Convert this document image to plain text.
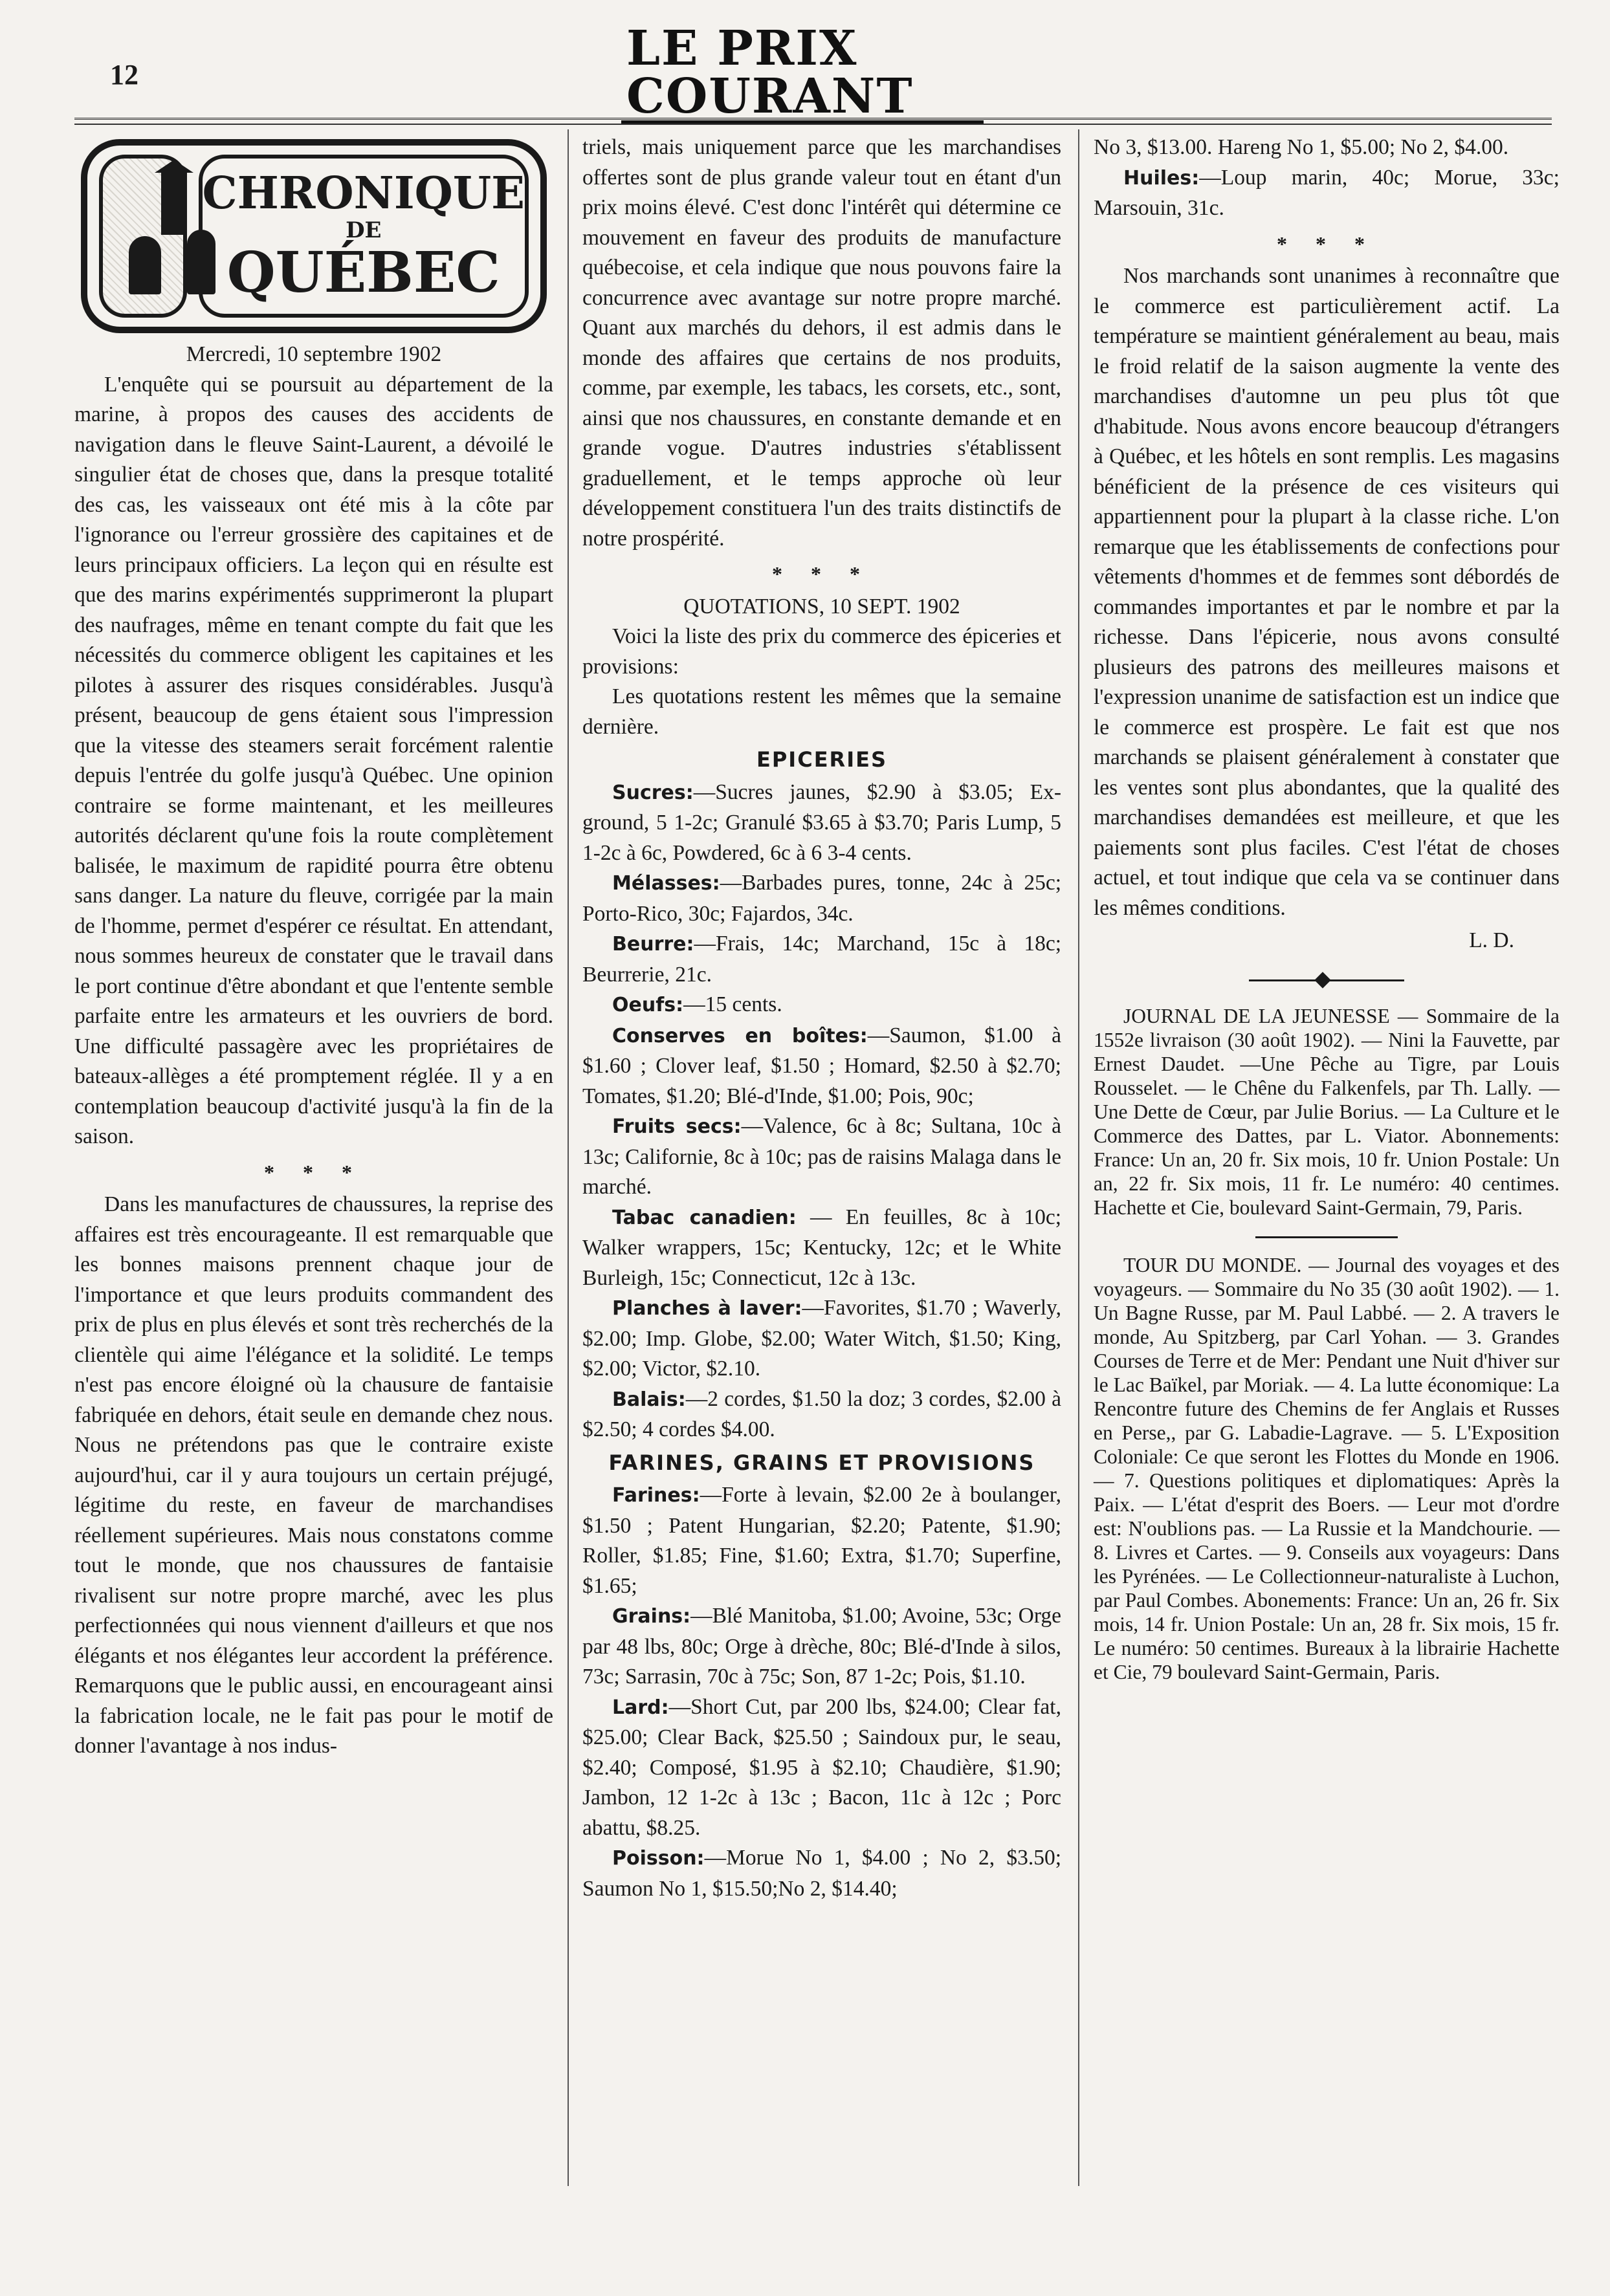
12	LE PRIX COURANT
CHRONIQUE
DE
QUÉBEC

Mercredi, 10 septembre 1902

L'enquête qui se poursuit au département de la marine, à propos des causes des accidents de navigation dans le fleuve Saint-Laurent, a dévoilé le singulier état de choses que, dans la presque totalité des cas, les vaisseaux ont été mis à la côte par l'ignorance ou l'erreur grossière des capitaines et de leurs principaux officiers. La leçon qui en résulte est que des marins expérimentés supprimeront la plupart des naufrages, même en tenant compte du fait que les nécessités du commerce obligent les capitaines et les pilotes à assurer des risques considérables. Jusqu'à présent, beaucoup de gens étaient sous l'impression que la vitesse des steamers serait forcément ralentie depuis l'entrée du golfe jusqu'à Québec. Une opinion contraire se forme maintenant, et les meilleures autorités déclarent qu'une fois la route complètement balisée, le maximum de rapidité pourra être obtenu sans danger. La nature du fleuve, corrigée par la main de l'homme, permet d'espérer ce résultat. En attendant, nous sommes heureux de constater que le travail dans le port continue d'être abondant et que l'entente semble parfaite entre les armateurs et les ouvriers de bord. Une difficulté passagère avec les propriétaires de bateaux-allèges a été promptement réglée. Il y a en contemplation beaucoup d'activité jusqu'à la fin de la saison.

* * *

Dans les manufactures de chaussures, la reprise des affaires est très encourageante. Il est remarquable que les bonnes maisons prennent chaque jour de l'importance et que leurs produits commandent des prix de plus en plus élevés et sont très recherchés de la clientèle qui aime l'élégance et la solidité. Le temps n'est pas encore éloigné où la chausure de fantaisie fabriquée en dehors, était seule en demande chez nous. Nous ne prétendons pas que le contraire existe aujourd'hui, car il y aura toujours un certain préjugé, légitime du reste, en faveur de marchandises réellement supérieures. Mais nous constatons comme tout le monde, que nos chaussures de fantaisie rivalisent sur notre propre marché, avec les plus perfectionnées qui nous viennent d'ailleurs et que nos élégants et nos élégantes leur accordent la préférence. Remarquons que le public aussi, en encourageant ainsi la fabrication locale, ne le fait pas pour le motif de donner l'avantage à nos indus-

triels, mais uniquement parce que les marchandises offertes sont de plus grande valeur tout en étant d'un prix moins élevé. C'est donc l'intérêt qui détermine ce mouvement en faveur des produits de manufacture québecoise, et cela indique que nous pouvons faire la concurrence avec avantage sur notre propre marché. Quant aux marchés du dehors, il est admis dans le monde des affaires que certains de nos produits, comme, par exemple, les tabacs, les corsets, etc., sont, ainsi que nos chaussures, en constante demande et en grande vogue. D'autres industries s'établissent graduellement, et le temps approche où leur développement constituera l'un des traits distinctifs de notre prospérité.

* * *

QUOTATIONS, 10 SEPT. 1902

Voici la liste des prix du commerce des épiceries et provisions:

Les quotations restent les mêmes que la semaine dernière.

EPICERIES

Sucres:—Sucres jaunes, $2.90 à $3.05; Ex-ground, 5 1-2c; Granulé $3.65 à $3.70; Paris Lump, 5 1-2c à 6c, Powdered, 6c à 6 3-4 cents.

Mélasses:—Barbades pures, tonne, 24c à 25c; Porto-Rico, 30c; Fajardos, 34c.

Beurre:—Frais, 14c; Marchand, 15c à 18c; Beurrerie, 21c.

Oeufs:—15 cents.

Conserves en boîtes:—Saumon, $1.00 à $1.60 ; Clover leaf, $1.50 ; Homard, $2.50 à $2.70; Tomates, $1.20; Blé-d'Inde, $1.00; Pois, 90c;

Fruits secs:—Valence, 6c à 8c; Sultana, 10c à 13c; Californie, 8c à 10c; pas de raisins Malaga dans le marché.

Tabac canadien: — En feuilles, 8c à 10c; Walker wrappers, 15c; Kentucky, 12c; et le White Burleigh, 15c; Connecticut, 12c à 13c.

Planches à laver:—Favorites, $1.70 ; Waverly, $2.00; Imp. Globe, $2.00; Water Witch, $1.50; King, $2.00; Victor, $2.10.

Balais:—2 cordes, $1.50 la doz; 3 cordes, $2.00 à $2.50; 4 cordes $4.00.

FARINES, GRAINS ET PROVISIONS

Farines:—Forte à levain, $2.00 2e à boulanger, $1.50 ; Patent Hungarian, $2.20; Patente, $1.90; Roller, $1.85; Fine, $1.60; Extra, $1.70; Superfine, $1.65;

Grains:—Blé Manitoba, $1.00; Avoine, 53c; Orge par 48 lbs, 80c; Orge à drèche, 80c; Blé-d'Inde à silos, 73c; Sarrasin, 70c à 75c; Son, 87 1-2c; Pois, $1.10.

Lard:—Short Cut, par 200 lbs, $24.00; Clear fat, $25.00; Clear Back, $25.50 ; Saindoux pur, le seau, $2.40; Composé, $1.95 à $2.10; Chaudière, $1.90; Jambon, 12 1-2c à 13c ; Bacon, 11c à 12c ; Porc abattu, $8.25.

Poisson:—Morue No 1, $4.00 ; No 2, $3.50; Saumon No 1, $15.50;No 2, $14.40;

No 3, $13.00. Hareng No 1, $5.00; No 2, $4.00.

Huiles:—Loup marin, 40c; Morue, 33c; Marsouin, 31c.

* * *

Nos marchands sont unanimes à reconnaître que le commerce est particulièrement actif. La température se maintient généralement au beau, mais le froid relatif de la saison augmente la vente des marchandises d'automne un peu plus tôt que d'habitude. Nous avons encore beaucoup d'étrangers à Québec, et les hôtels en sont remplis. Les magasins bénéficient de la présence de ces visiteurs qui appartiennent pour la plupart à la classe riche. L'on remarque que les établissements de confections pour vêtements d'hommes et de femmes sont débordés de commandes importantes et par le nombre et par la richesse. Dans l'épicerie, nous avons consulté plusieurs des patrons des meilleures maisons et l'expression unanime de satisfaction est un indice que le commerce est prospère. Le fait est que nos marchands se plaisent généralement à constater que les ventes sont plus abondantes, que la qualité des marchandises demandées est meilleure, et que les paiements sont plus faciles. C'est l'état de choses actuel, et tout indique que cela va se continuer dans les mêmes conditions.

L. D.

JOURNAL DE LA JEUNESSE — Sommaire de la 1552e livraison (30 août 1902). — Nini la Fauvette, par Ernest Daudet. —Une Pêche au Tigre, par Louis Rousselet. — le Chêne du Falkenfels, par Th. Lally. — Une Dette de Cœur, par Julie Borius. — La Culture et le Commerce des Dattes, par L. Viator. Abonnements: France: Un an, 20 fr. Six mois, 10 fr. Union Postale: Un an, 22 fr. Six mois, 11 fr. Le numéro: 40 centimes. Hachette et Cie, boulevard Saint-Germain, 79, Paris.

TOUR DU MONDE. — Journal des voyages et des voyageurs. — Sommaire du No 35 (30 août 1902). — 1. Un Bagne Russe, par M. Paul Labbé. — 2. A travers le monde, Au Spitzberg, par Carl Yohan. — 3. Grandes Courses de Terre et de Mer: Pendant une Nuit d'hiver sur le Lac Baïkel, par Moriak. — 4. La lutte économique: La Rencontre future des Chemins de fer Anglais et Russes en Perse,, par G. Labadie-Lagrave. — 5. L'Exposition Coloniale: Ce que seront les Flottes du Monde en 1906. — 7. Questions politiques et diplomatiques: Après la Paix. — L'état d'esprit des Boers. — Leur mot d'ordre est: N'oublions pas. — La Russie et la Mandchourie. — 8. Livres et Cartes. — 9. Conseils aux voyageurs: Dans les Pyrénées. — Le Collectionneur-naturaliste à Luchon, par Paul Combes. Abonements: France: Un an, 26 fr. Six mois, 14 fr. Union Postale: Un an, 28 fr. Six mois, 15 fr. Le numéro: 50 centimes. Bureaux à la librairie Hachette et Cie, 79 boulevard Saint-Germain, Paris.
